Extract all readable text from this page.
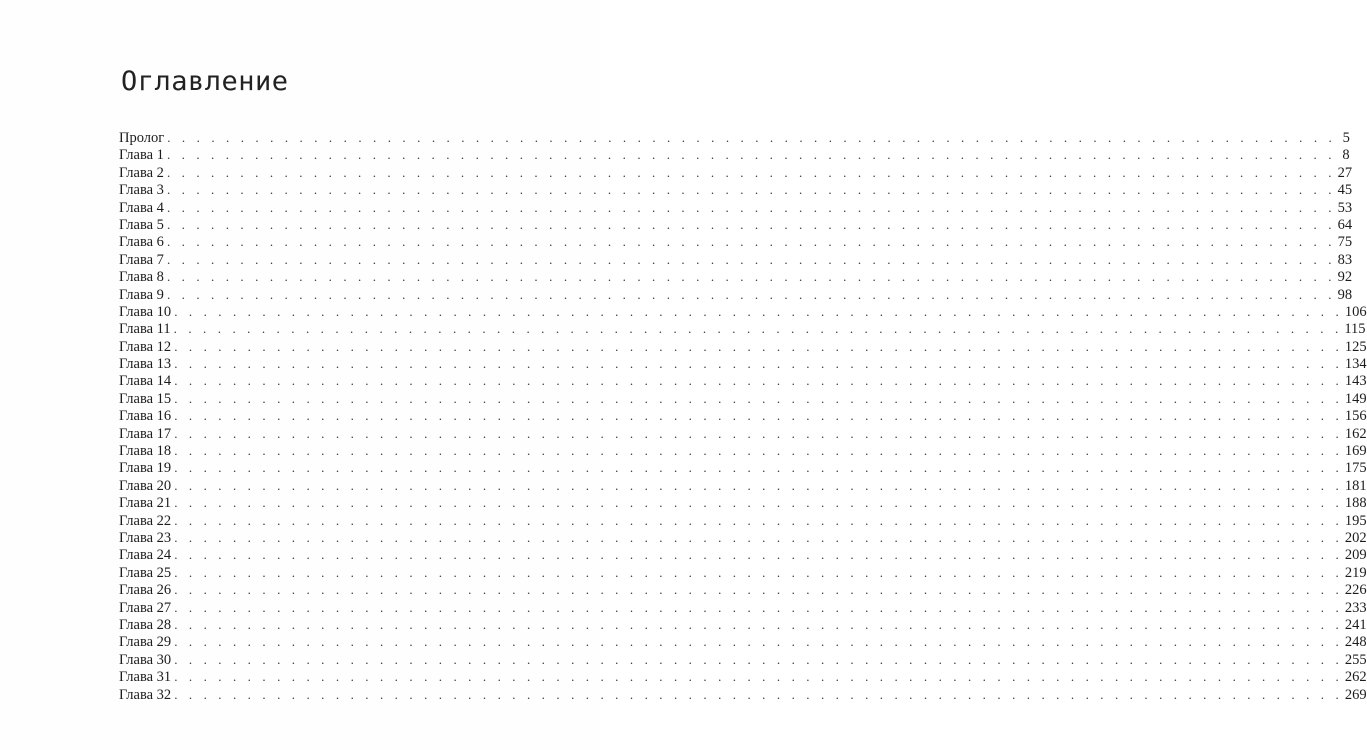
Оглавление
Пролог . . . . . . . . . . . . . . . . . . . . . . . . . . . . . . . . . . . . . . . . . . . . . . . . . . . . . . . . . . . . . . . . . . . . . . . . . . . . . . . . 5
Глава 1 . . . . . . . . . . . . . . . . . . . . . . . . . . . . . . . . . . . . . . . . . . . . . . . . . . . . . . . . . . . . . . . . . . . . . . . . . . . . . . . . 8
Глава 2 . . . . . . . . . . . . . . . . . . . . . . . . . . . . . . . . . . . . . . . . . . . . . . . . . . . . . . . . . . . . . . . . . . . . . . . . . . . . . . . . 27
Глава 3 . . . . . . . . . . . . . . . . . . . . . . . . . . . . . . . . . . . . . . . . . . . . . . . . . . . . . . . . . . . . . . . . . . . . . . . . . . . . . . . . 45
Глава 4 . . . . . . . . . . . . . . . . . . . . . . . . . . . . . . . . . . . . . . . . . . . . . . . . . . . . . . . . . . . . . . . . . . . . . . . . . . . . . . . . 53
Глава 5 . . . . . . . . . . . . . . . . . . . . . . . . . . . . . . . . . . . . . . . . . . . . . . . . . . . . . . . . . . . . . . . . . . . . . . . . . . . . . . . . 64
Глава 6 . . . . . . . . . . . . . . . . . . . . . . . . . . . . . . . . . . . . . . . . . . . . . . . . . . . . . . . . . . . . . . . . . . . . . . . . . . . . . . . . 75
Глава 7 . . . . . . . . . . . . . . . . . . . . . . . . . . . . . . . . . . . . . . . . . . . . . . . . . . . . . . . . . . . . . . . . . . . . . . . . . . . . . . . . 83
Глава 8 . . . . . . . . . . . . . . . . . . . . . . . . . . . . . . . . . . . . . . . . . . . . . . . . . . . . . . . . . . . . . . . . . . . . . . . . . . . . . . . . 92
Глава 9 . . . . . . . . . . . . . . . . . . . . . . . . . . . . . . . . . . . . . . . . . . . . . . . . . . . . . . . . . . . . . . . . . . . . . . . . . . . . . . . . 98
Глава 10 . . . . . . . . . . . . . . . . . . . . . . . . . . . . . . . . . . . . . . . . . . . . . . . . . . . . . . . . . . . . . . . . . . . . . . . . . . . . . . . . 106
Глава 11 . . . . . . . . . . . . . . . . . . . . . . . . . . . . . . . . . . . . . . . . . . . . . . . . . . . . . . . . . . . . . . . . . . . . . . . . . . . . . . . . 115
Глава 12 . . . . . . . . . . . . . . . . . . . . . . . . . . . . . . . . . . . . . . . . . . . . . . . . . . . . . . . . . . . . . . . . . . . . . . . . . . . . . . . . 125
Глава 13 . . . . . . . . . . . . . . . . . . . . . . . . . . . . . . . . . . . . . . . . . . . . . . . . . . . . . . . . . . . . . . . . . . . . . . . . . . . . . . . . 134
Глава 14 . . . . . . . . . . . . . . . . . . . . . . . . . . . . . . . . . . . . . . . . . . . . . . . . . . . . . . . . . . . . . . . . . . . . . . . . . . . . . . . . 143
Глава 15 . . . . . . . . . . . . . . . . . . . . . . . . . . . . . . . . . . . . . . . . . . . . . . . . . . . . . . . . . . . . . . . . . . . . . . . . . . . . . . . . 149
Глава 16 . . . . . . . . . . . . . . . . . . . . . . . . . . . . . . . . . . . . . . . . . . . . . . . . . . . . . . . . . . . . . . . . . . . . . . . . . . . . . . . . 156
Глава 17 . . . . . . . . . . . . . . . . . . . . . . . . . . . . . . . . . . . . . . . . . . . . . . . . . . . . . . . . . . . . . . . . . . . . . . . . . . . . . . . . 162
Глава 18 . . . . . . . . . . . . . . . . . . . . . . . . . . . . . . . . . . . . . . . . . . . . . . . . . . . . . . . . . . . . . . . . . . . . . . . . . . . . . . . . 169
Глава 19 . . . . . . . . . . . . . . . . . . . . . . . . . . . . . . . . . . . . . . . . . . . . . . . . . . . . . . . . . . . . . . . . . . . . . . . . . . . . . . . . 175
Глава 20 . . . . . . . . . . . . . . . . . . . . . . . . . . . . . . . . . . . . . . . . . . . . . . . . . . . . . . . . . . . . . . . . . . . . . . . . . . . . . . . . 181
Глава 21 . . . . . . . . . . . . . . . . . . . . . . . . . . . . . . . . . . . . . . . . . . . . . . . . . . . . . . . . . . . . . . . . . . . . . . . . . . . . . . . . 188
Глава 22 . . . . . . . . . . . . . . . . . . . . . . . . . . . . . . . . . . . . . . . . . . . . . . . . . . . . . . . . . . . . . . . . . . . . . . . . . . . . . . . . 195
Глава 23 . . . . . . . . . . . . . . . . . . . . . . . . . . . . . . . . . . . . . . . . . . . . . . . . . . . . . . . . . . . . . . . . . . . . . . . . . . . . . . . . 202
Глава 24 . . . . . . . . . . . . . . . . . . . . . . . . . . . . . . . . . . . . . . . . . . . . . . . . . . . . . . . . . . . . . . . . . . . . . . . . . . . . . . . . 209
Глава 25 . . . . . . . . . . . . . . . . . . . . . . . . . . . . . . . . . . . . . . . . . . . . . . . . . . . . . . . . . . . . . . . . . . . . . . . . . . . . . . . . 219
Глава 26 . . . . . . . . . . . . . . . . . . . . . . . . . . . . . . . . . . . . . . . . . . . . . . . . . . . . . . . . . . . . . . . . . . . . . . . . . . . . . . . . 226
Глава 27 . . . . . . . . . . . . . . . . . . . . . . . . . . . . . . . . . . . . . . . . . . . . . . . . . . . . . . . . . . . . . . . . . . . . . . . . . . . . . . . . 233
Глава 28 . . . . . . . . . . . . . . . . . . . . . . . . . . . . . . . . . . . . . . . . . . . . . . . . . . . . . . . . . . . . . . . . . . . . . . . . . . . . . . . . 241
Глава 29 . . . . . . . . . . . . . . . . . . . . . . . . . . . . . . . . . . . . . . . . . . . . . . . . . . . . . . . . . . . . . . . . . . . . . . . . . . . . . . . . 248
Глава 30 . . . . . . . . . . . . . . . . . . . . . . . . . . . . . . . . . . . . . . . . . . . . . . . . . . . . . . . . . . . . . . . . . . . . . . . . . . . . . . . . 255
Глава 31 . . . . . . . . . . . . . . . . . . . . . . . . . . . . . . . . . . . . . . . . . . . . . . . . . . . . . . . . . . . . . . . . . . . . . . . . . . . . . . . . 262
Глава 32 . . . . . . . . . . . . . . . . . . . . . . . . . . . . . . . . . . . . . . . . . . . . . . . . . . . . . . . . . . . . . . . . . . . . . . . . . . . . . . . . 269
